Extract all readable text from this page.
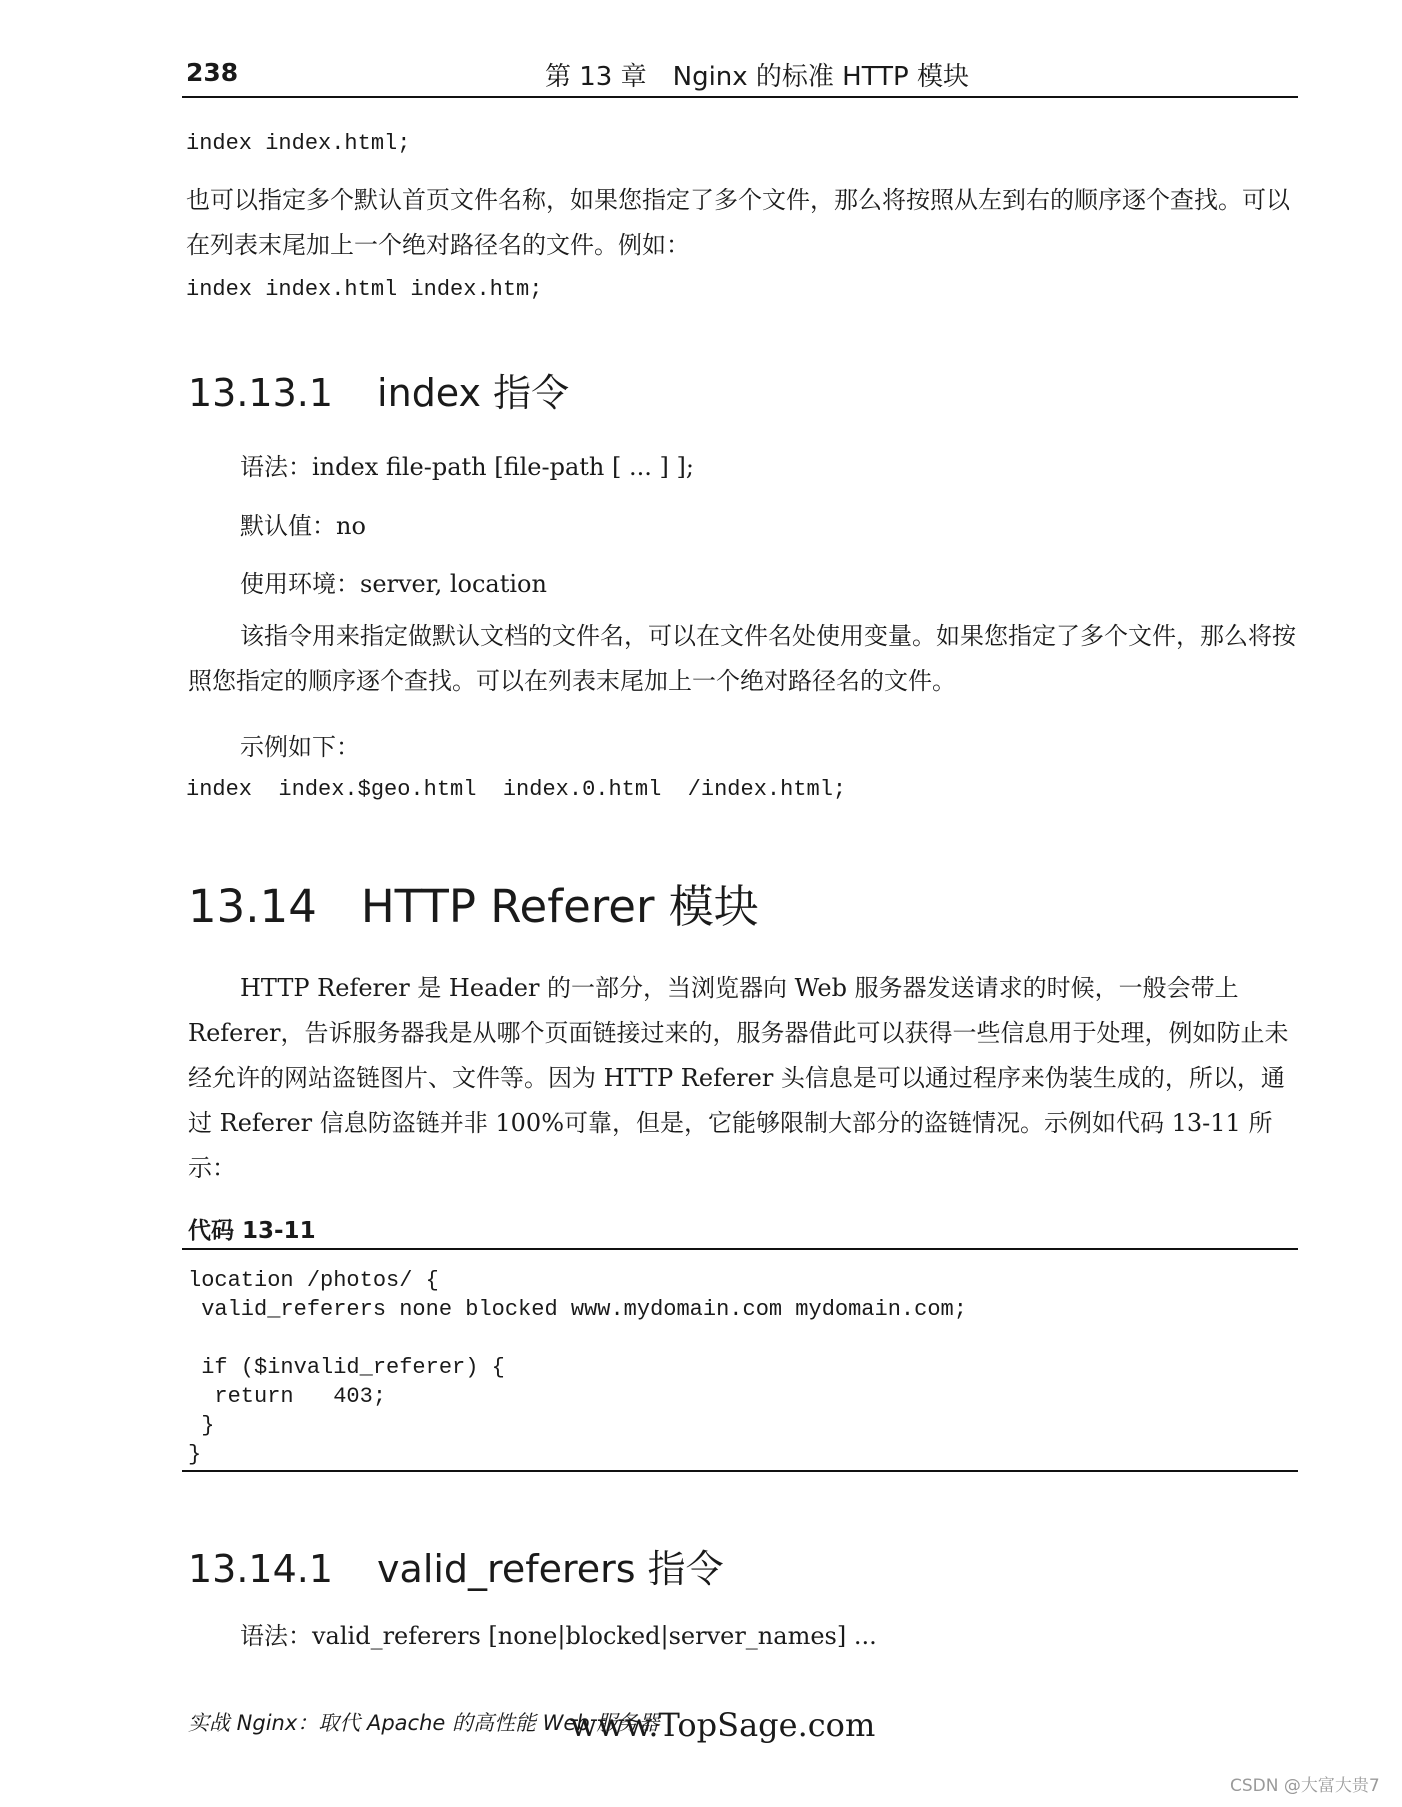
238	第 13 章　Nginx 的标准 HTTP 模块
index index.html;
也可以指定多个默认首页文件名称，如果您指定了多个文件，那么将按照从左到右的顺序逐个查找。可以在列表末尾加上一个绝对路径名的文件。例如：
index index.html index.htm;
13.13.1 index 指令
语法：index file-path [file-path [ ... ] ];
默认值：no
使用环境：server, location
该指令用来指定做默认文档的文件名，可以在文件名处使用变量。如果您指定了多个文件，那么将按照您指定的顺序逐个查找。可以在列表末尾加上一个绝对路径名的文件。
示例如下：
index  index.$geo.html  index.0.html  /index.html;
13.14 HTTP Referer 模块
HTTP Referer 是 Header 的一部分，当浏览器向 Web 服务器发送请求的时候，一般会带上 Referer，告诉服务器我是从哪个页面链接过来的，服务器借此可以获得一些信息用于处理，例如防止未经允许的网站盗链图片、文件等。因为 HTTP Referer 头信息是可以通过程序来伪装生成的，所以，通过 Referer 信息防盗链并非 100%可靠，但是，它能够限制大部分的盗链情况。示例如代码 13-11 所示：
代码 13-11
location /photos/ {
valid_referers none blocked www.mydomain.com mydomain.com;

if ($invalid_referer) {
return   403;
}
}
13.14.1 valid_referers 指令
语法：valid_referers [none|blocked|server_names] ...
实战 Nginx：取代 Apache 的高性能 Web 服务器
www.TopSage.com
CSDN @大富大贵7
